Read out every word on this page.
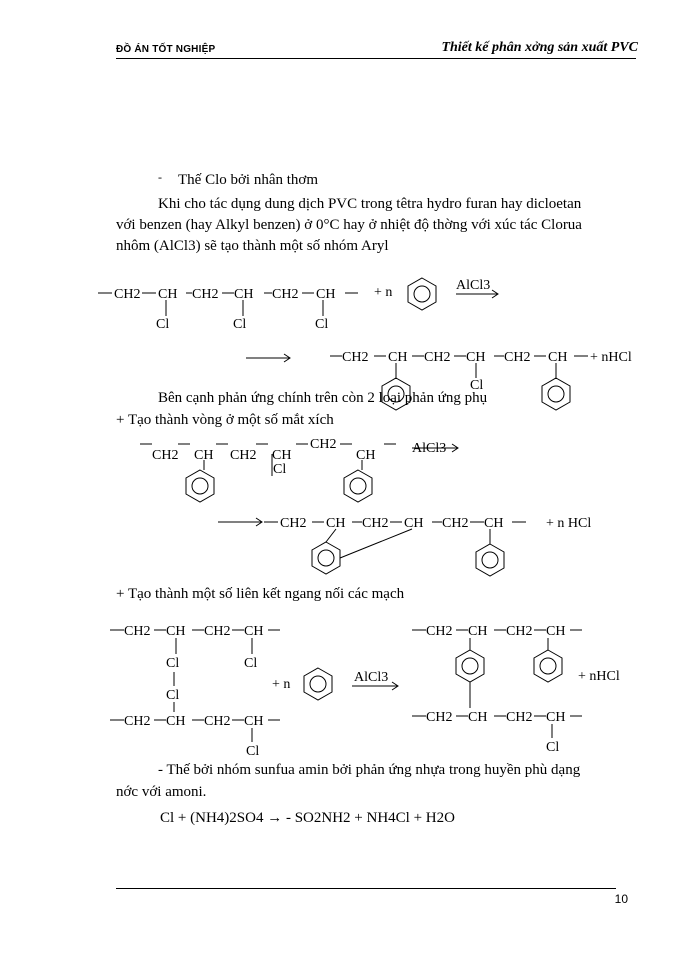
ĐỒ ÁN TỐT NGHIỆP	Thiết kế phân xởng sản xuất PVC
- Thế Clo bởi nhân thơm
Khi cho tác dụng dung dịch PVC trong têtra hydro furan hay dicloetan
với benzen (hay Alkyl benzen) ở 0°C hay ở nhiệt độ thờng với xúc tác Clorua
nhôm (AlCl3) sẽ tạo thành một số nhóm Aryl
Bên cạnh phản ứng chính trên còn 2 loại phản ứng phụ
+ Tạo thành vòng ở một số mắt xích
+ Tạo thành một số liên kết ngang nối các mạch
- Thế bởi nhóm sunfua amin bởi phản ứng nhựa trong huyền phù dạng
nớc với amoni.
Cl + (NH4)2SO4 → - SO2NH2 + NH4Cl + H2O
CH2 CH CH2 CH CH2 CH
Cl	Cl	Cl
+ n	AlCl3
CH2 CH CH2 CH CH2 CH
Cl
+ nHCl
CH2 CH CH2 CH
Cl
CH2
CH	AlCl3
CH2 CH CH2 CH CH2 CH	+ n HCl
CH2 CH CH2 CH
Cl	Cl
Cl
CH2 CH CH2 CH
Cl
+ n	AlCl3
CH2 CH CH2 CH
+ nHCl
CH2 CH CH2 CH
Cl
10
